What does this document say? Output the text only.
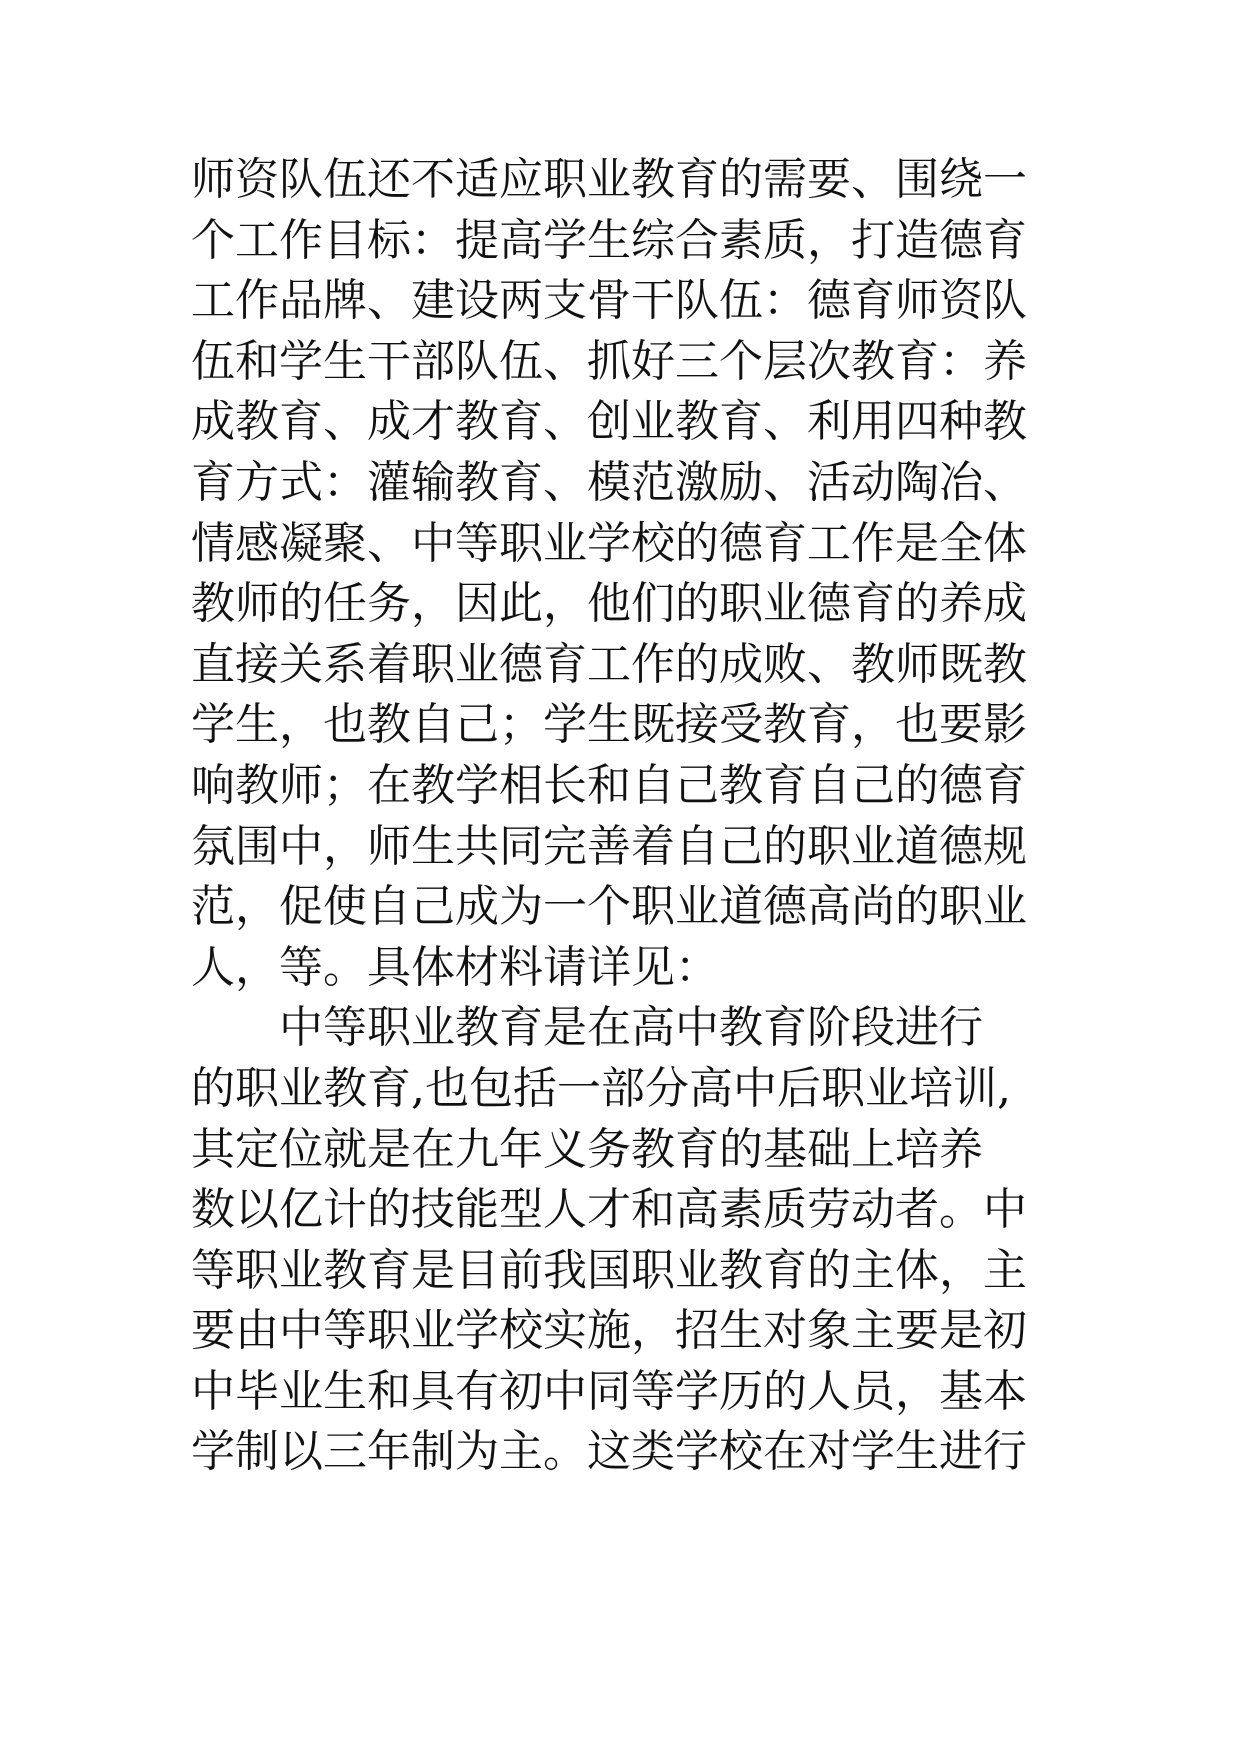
师资队伍还不适应职业教育的需要、围绕一
个工作目标：提高学生综合素质，打造德育
工作品牌、建设两支骨干队伍：德育师资队
伍和学生干部队伍、抓好三个层次教育：养
成教育、成才教育、创业教育、利用四种教
育方式：灌输教育、模范激励、活动陶冶、
情感凝聚、中等职业学校的德育工作是全体
教师的任务，因此，他们的职业德育的养成
直接关系着职业德育工作的成败、教师既教
学生，也教自己；学生既接受教育，也要影
响教师；在教学相长和自己教育自己的德育
氛围中，师生共同完善着自己的职业道德规
范，促使自己成为一个职业道德高尚的职业
人，等。具体材料请详见：
中等职业教育是在高中教育阶段进行
的职业教育,也包括一部分高中后职业培训,
其定位就是在九年义务教育的基础上培养
数以亿计的技能型人才和高素质劳动者。中
等职业教育是目前我国职业教育的主体，主
要由中等职业学校实施，招生对象主要是初
中毕业生和具有初中同等学历的人员，基本
学制以三年制为主。这类学校在对学生进行
